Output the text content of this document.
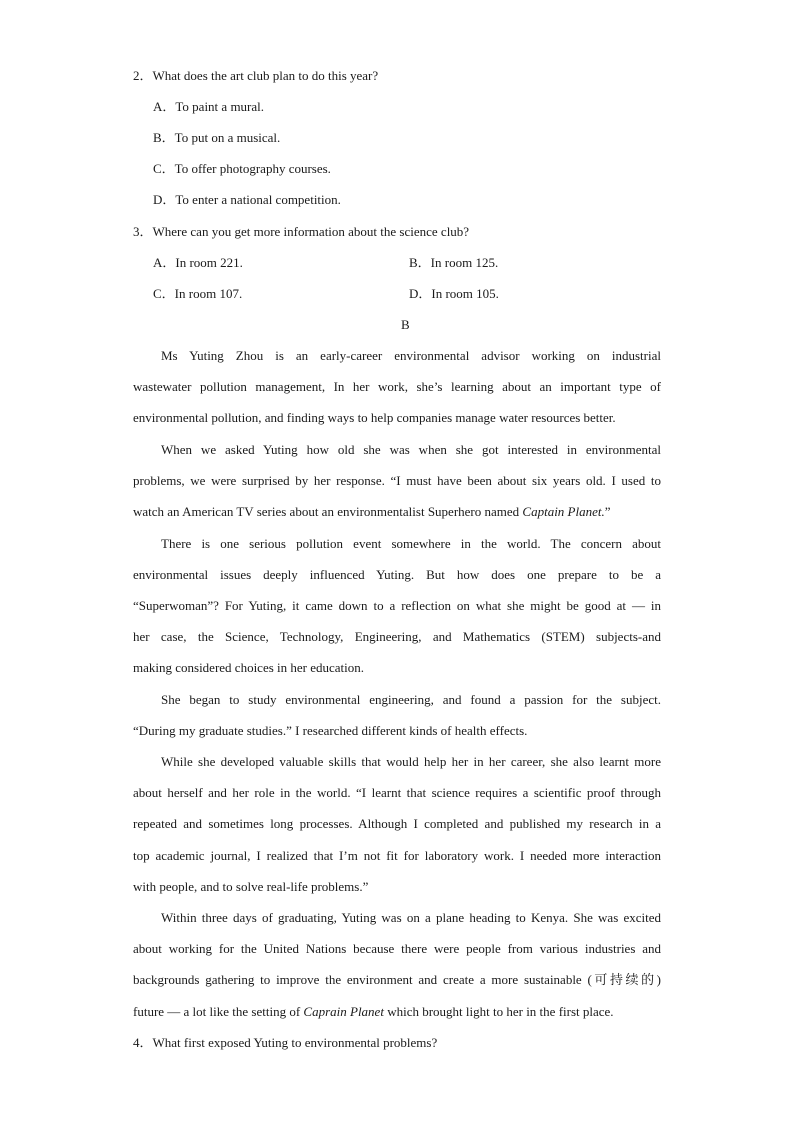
2．What does the art club plan to do this year?
A．To paint a mural.
B．To put on a musical.
C．To offer photography courses.
D．To enter a national competition.
3．Where can you get more information about the science club?
A．In room 221.	B．In room 125.
C．In room 107.	D．In room 105.
B
Ms Yuting Zhou is an early-career environmental advisor working on industrial
wastewater pollution management, In her work, she’s learning about an important type of
environmental pollution, and finding ways to help companies manage water resources better.
When we asked Yuting how old she was when she got interested in environmental
problems, we were surprised by her response. “I must have been about six years old. I used to
watch an American TV series about an environmentalist Superhero named Captain Planet.”
There is one serious pollution event somewhere in the world. The concern about
environmental issues deeply influenced Yuting. But how does one prepare to be a
“Superwoman”? For Yuting, it came down to a reflection on what she might be good at — in
her case, the Science, Technology, Engineering, and Mathematics (STEM) subjects-and
making considered choices in her education.
She began to study environmental engineering, and found a passion for the subject.
“During my graduate studies.” I researched different kinds of health effects.
While she developed valuable skills that would help her in her career, she also learnt more
about herself and her role in the world. “I learnt that science requires a scientific proof through
repeated and sometimes long processes. Although I completed and published my research in a
top academic journal, I realized that I’m not fit for laboratory work. I needed more interaction
with people, and to solve real-life problems.”
Within three days of graduating, Yuting was on a plane heading to Kenya. She was excited
about working for the United Nations because there were people from various industries and
backgrounds gathering to improve the environment and create a more sustainable (可持续的)
future — a lot like the setting of Caprain Planet which brought light to her in the first place.
4．What first exposed Yuting to environmental problems?
